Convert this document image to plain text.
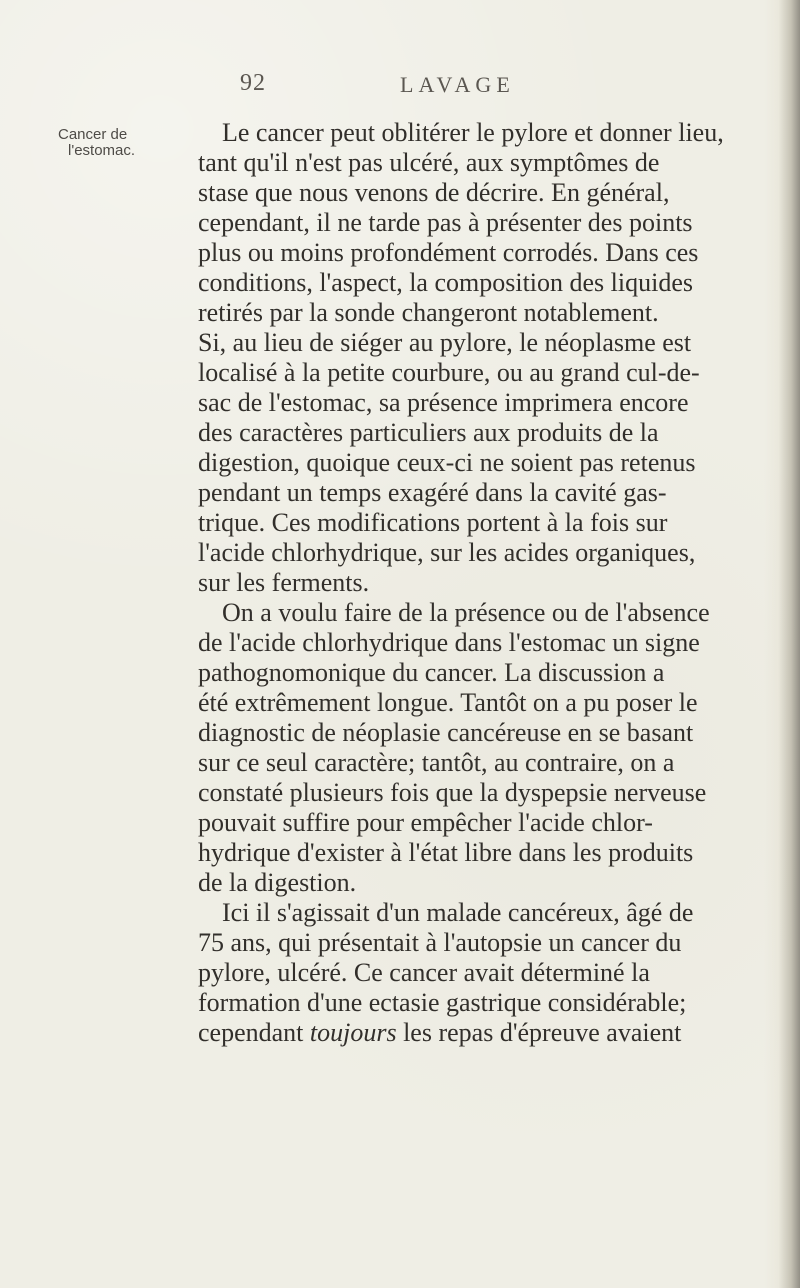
92	LAVAGE
Cancer de
l'estomac.
Le cancer peut oblitérer le pylore et donner lieu,
tant qu'il n'est pas ulcéré, aux symptômes de
stase que nous venons de décrire. En général,
cependant, il ne tarde pas à présenter des points
plus ou moins profondément corrodés. Dans ces
conditions, l'aspect, la composition des liquides
retirés par la sonde changeront notablement.
Si, au lieu de siéger au pylore, le néoplasme est
localisé à la petite courbure, ou au grand cul-de-
sac de l'estomac, sa présence imprimera encore
des caractères particuliers aux produits de la
digestion, quoique ceux-ci ne soient pas retenus
pendant un temps exagéré dans la cavité gas-
trique. Ces modifications portent à la fois sur
l'acide chlorhydrique, sur les acides organiques,
sur les ferments.
On a voulu faire de la présence ou de l'absence
de l'acide chlorhydrique dans l'estomac un signe
pathognomonique du cancer. La discussion a
été extrêmement longue. Tantôt on a pu poser le
diagnostic de néoplasie cancéreuse en se basant
sur ce seul caractère; tantôt, au contraire, on a
constaté plusieurs fois que la dyspepsie nerveuse
pouvait suffire pour empêcher l'acide chlor-
hydrique d'exister à l'état libre dans les produits
de la digestion.
Ici il s'agissait d'un malade cancéreux, âgé de
75 ans, qui présentait à l'autopsie un cancer du
pylore, ulcéré. Ce cancer avait déterminé la
formation d'une ectasie gastrique considérable;
cependant toujours les repas d'épreuve avaient
